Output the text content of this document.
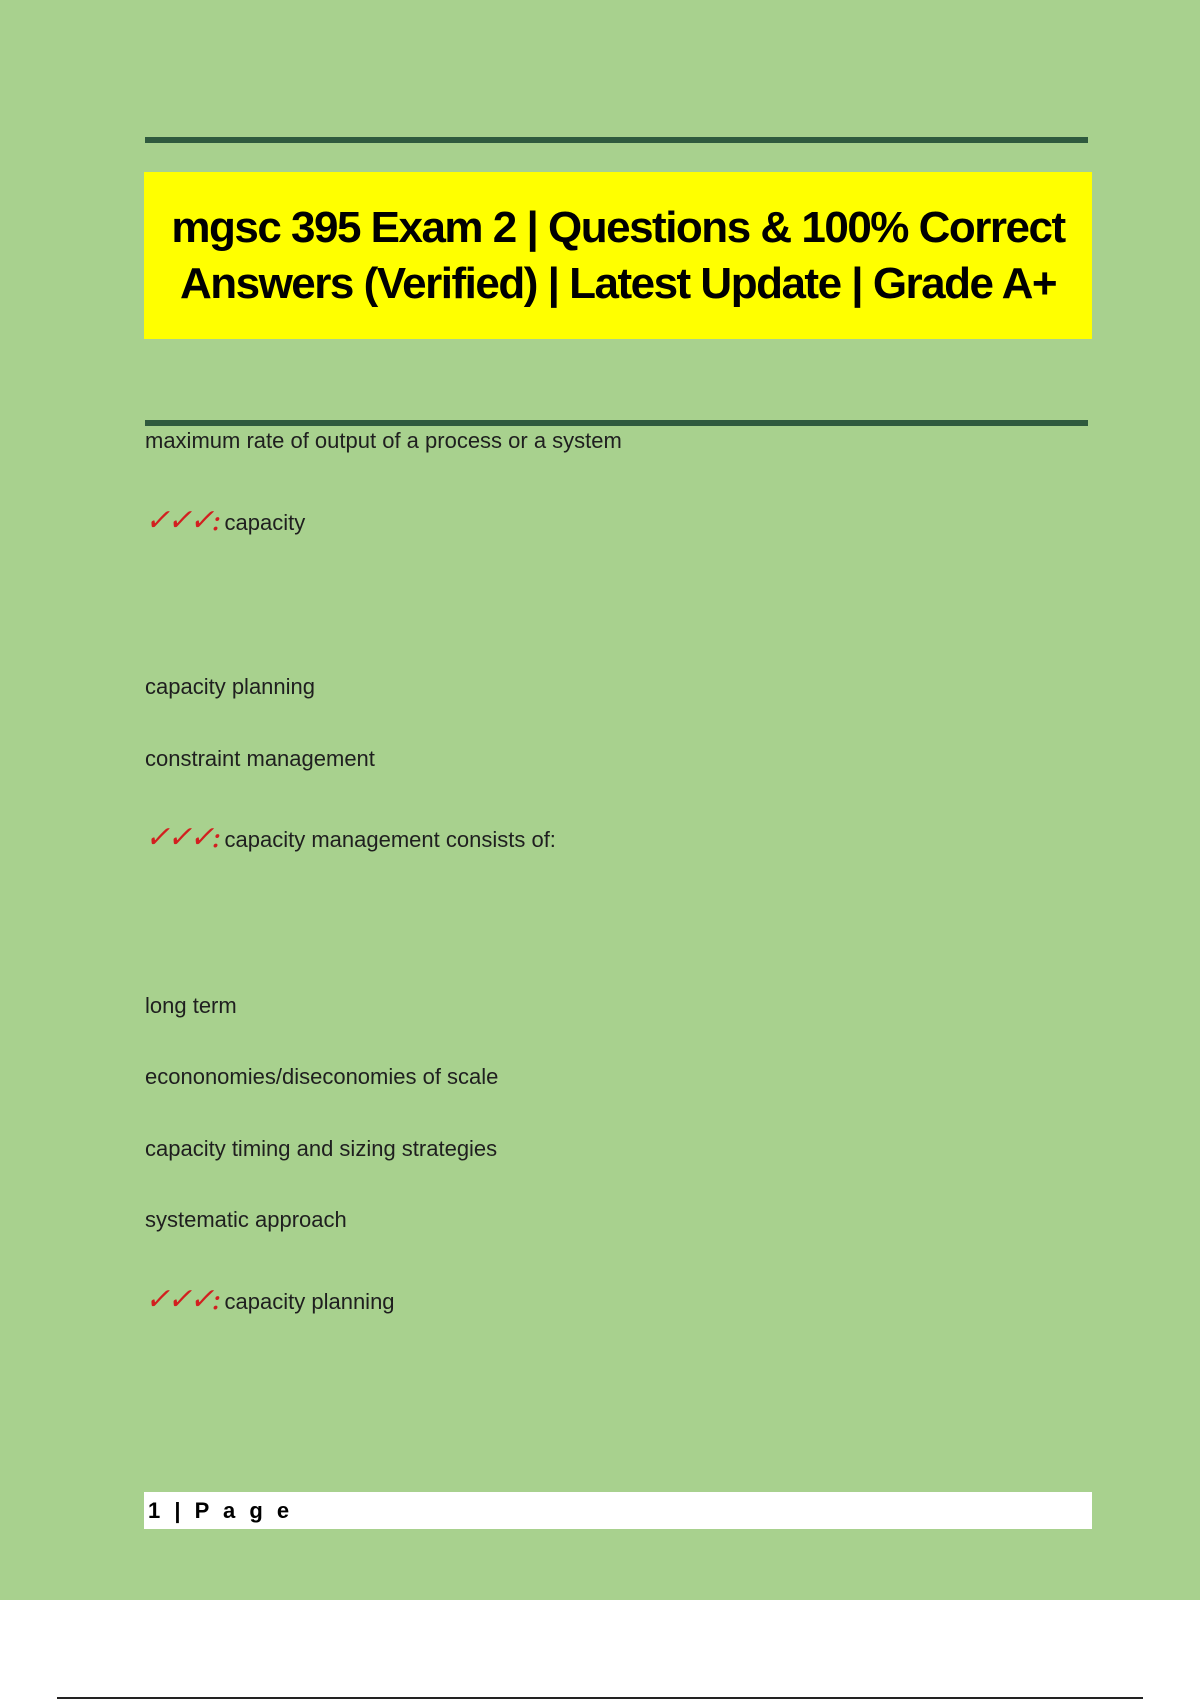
mgsc 395 Exam 2 | Questions & 100% Correct Answers (Verified) | Latest Update | Grade A+
maximum rate of output of a process or a system
✓✓✓: capacity
capacity planning
constraint management
✓✓✓: capacity management consists of:
long term
econonomies/diseconomies of scale
capacity timing and sizing strategies
systematic approach
✓✓✓: capacity planning
1 | P a g e
